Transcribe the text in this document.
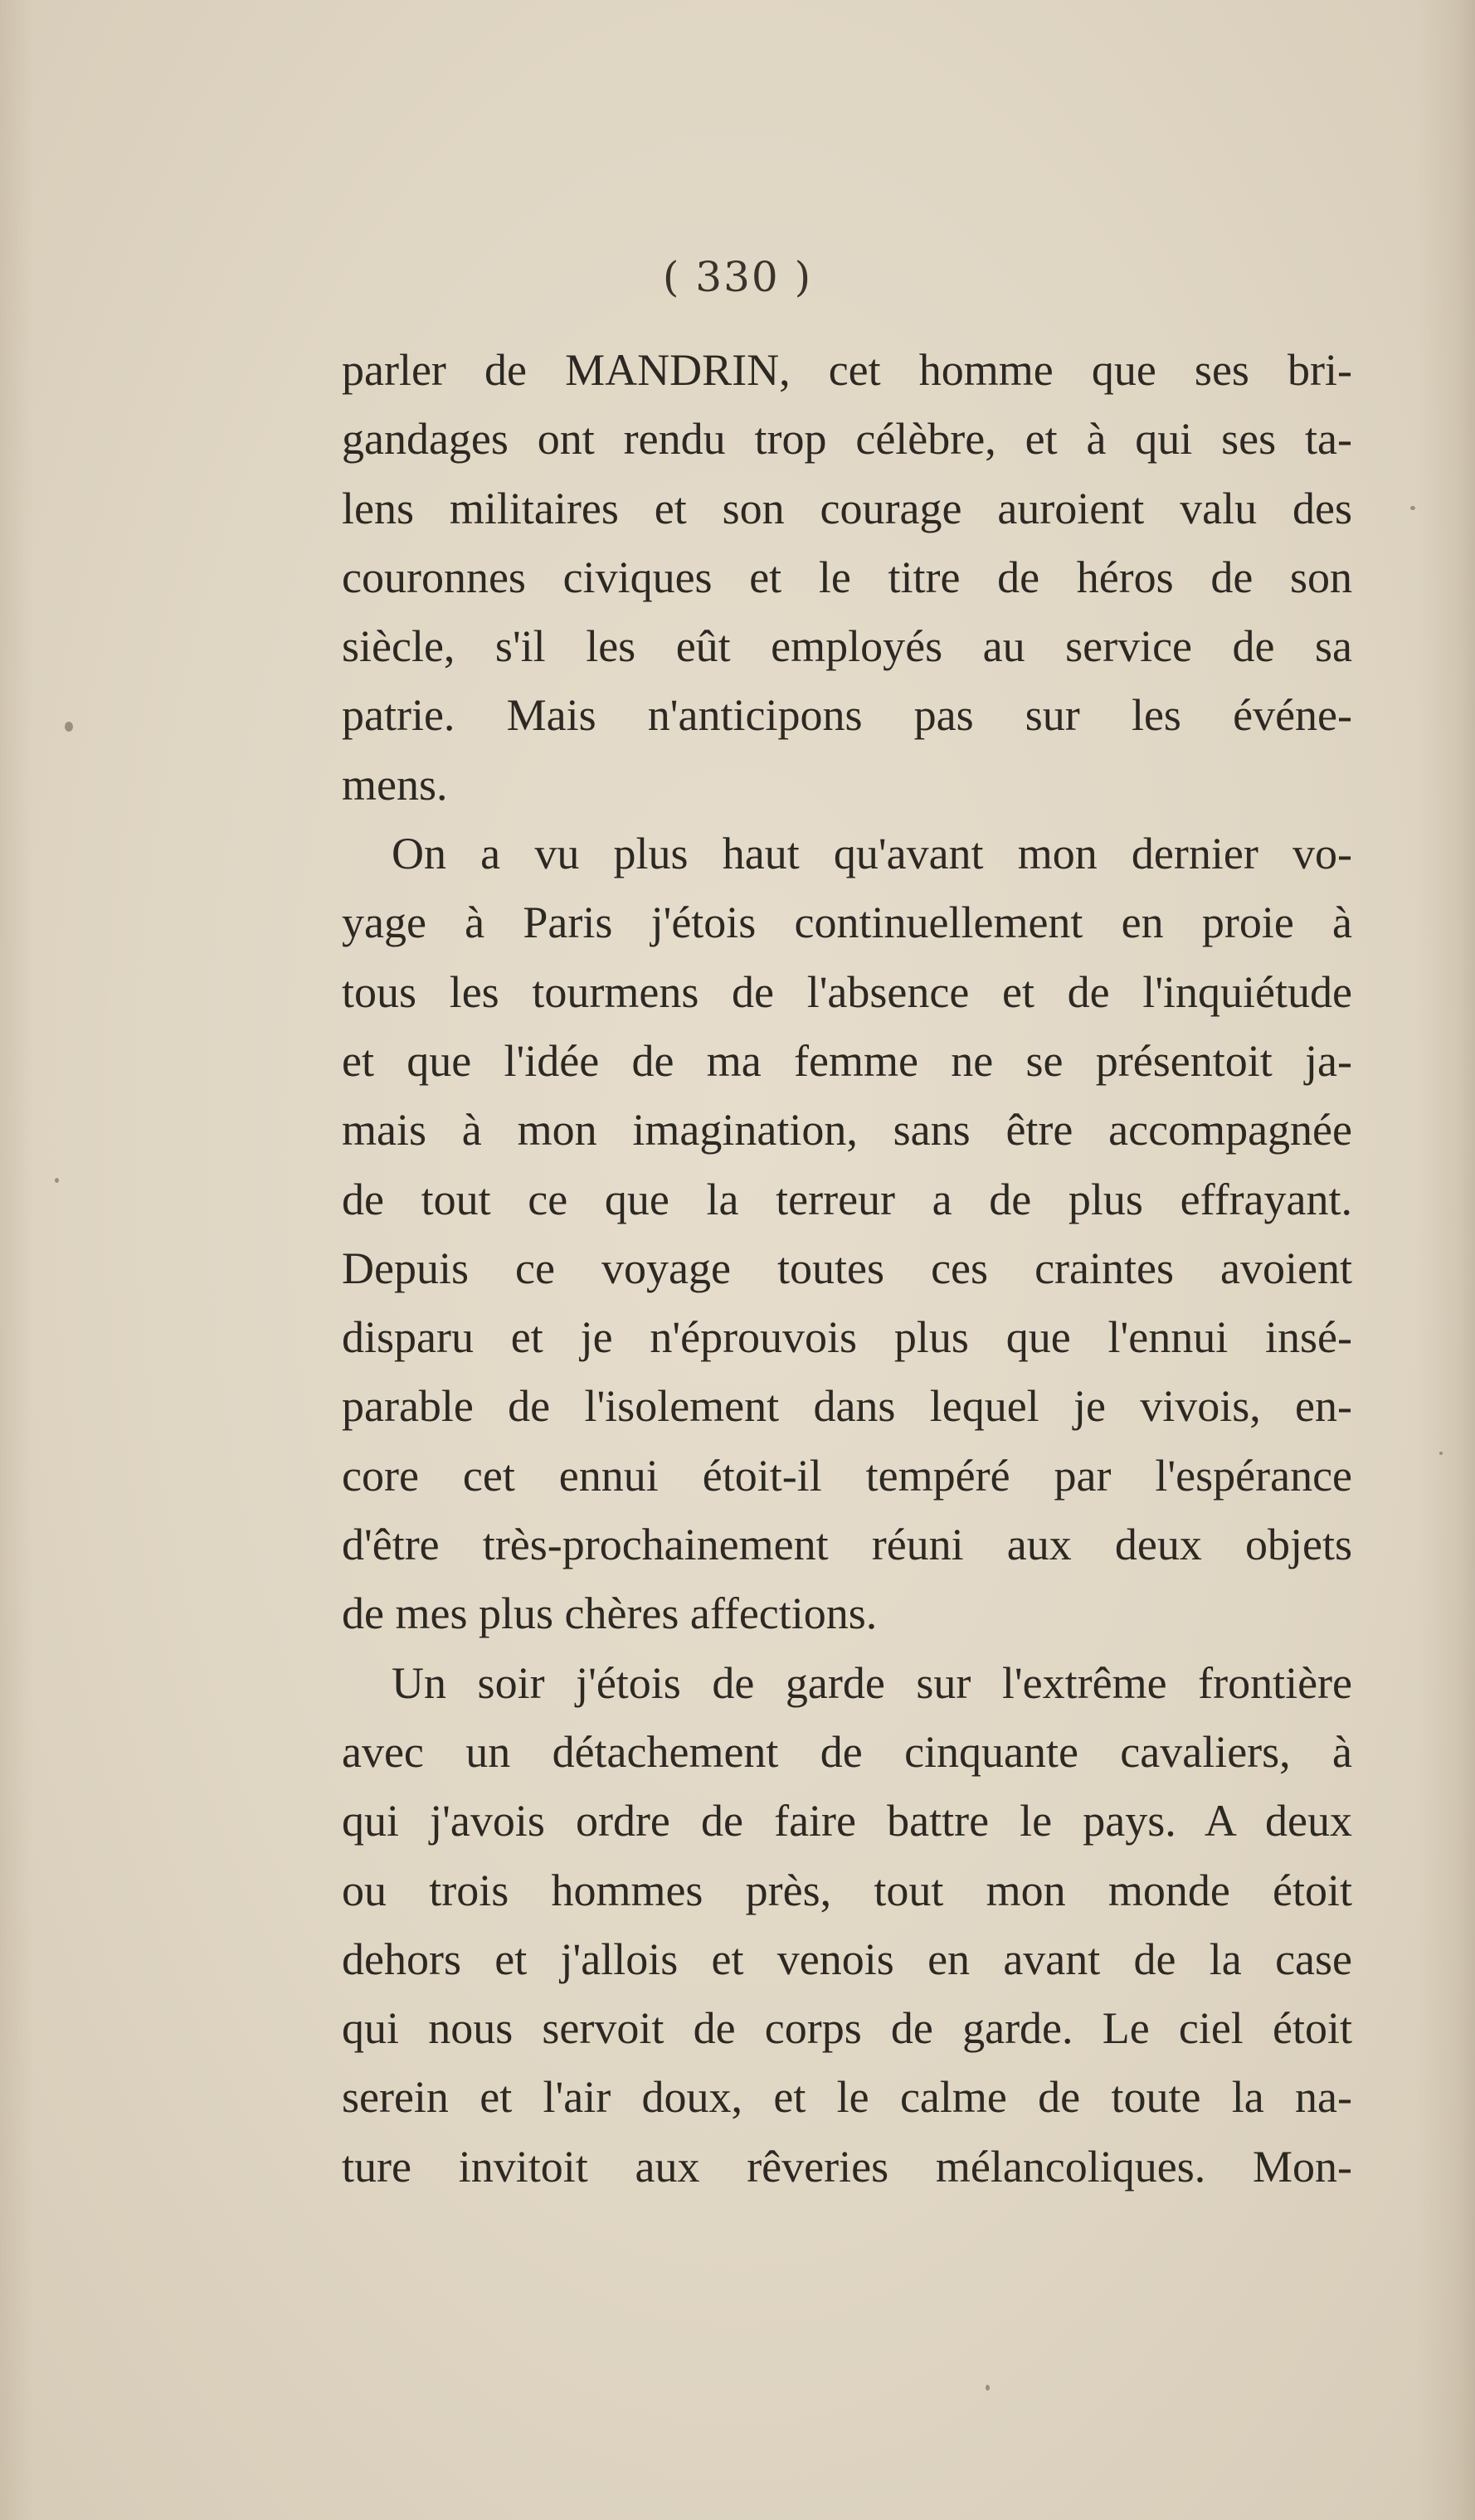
( 330 )
parler de MANDRIN, cet homme que ses bri-
gandages ont rendu trop célèbre, et à qui ses ta-
lens militaires et son courage auroient valu des
couronnes civiques et le titre de héros de son
siècle, s'il les eût employés au service de sa
patrie. Mais n'anticipons pas sur les événe-
mens.
On a vu plus haut qu'avant mon dernier vo-
yage à Paris j'étois continuellement en proie à
tous les tourmens de l'absence et de l'inquiétude
et que l'idée de ma femme ne se présentoit ja-
mais à mon imagination, sans être accompagnée
de tout ce que la terreur a de plus effrayant.
Depuis ce voyage toutes ces craintes avoient
disparu et je n'éprouvois plus que l'ennui insé-
parable de l'isolement dans lequel je vivois, en-
core cet ennui étoit-il tempéré par l'espérance
d'être très-prochainement réuni aux deux objets
de mes plus chères affections.
Un soir j'étois de garde sur l'extrême frontière
avec un détachement de cinquante cavaliers, à
qui j'avois ordre de faire battre le pays. A deux
ou trois hommes près, tout mon monde étoit
dehors et j'allois et venois en avant de la case
qui nous servoit de corps de garde. Le ciel étoit
serein et l'air doux, et le calme de toute la na-
ture invitoit aux rêveries mélancoliques. Mon-
